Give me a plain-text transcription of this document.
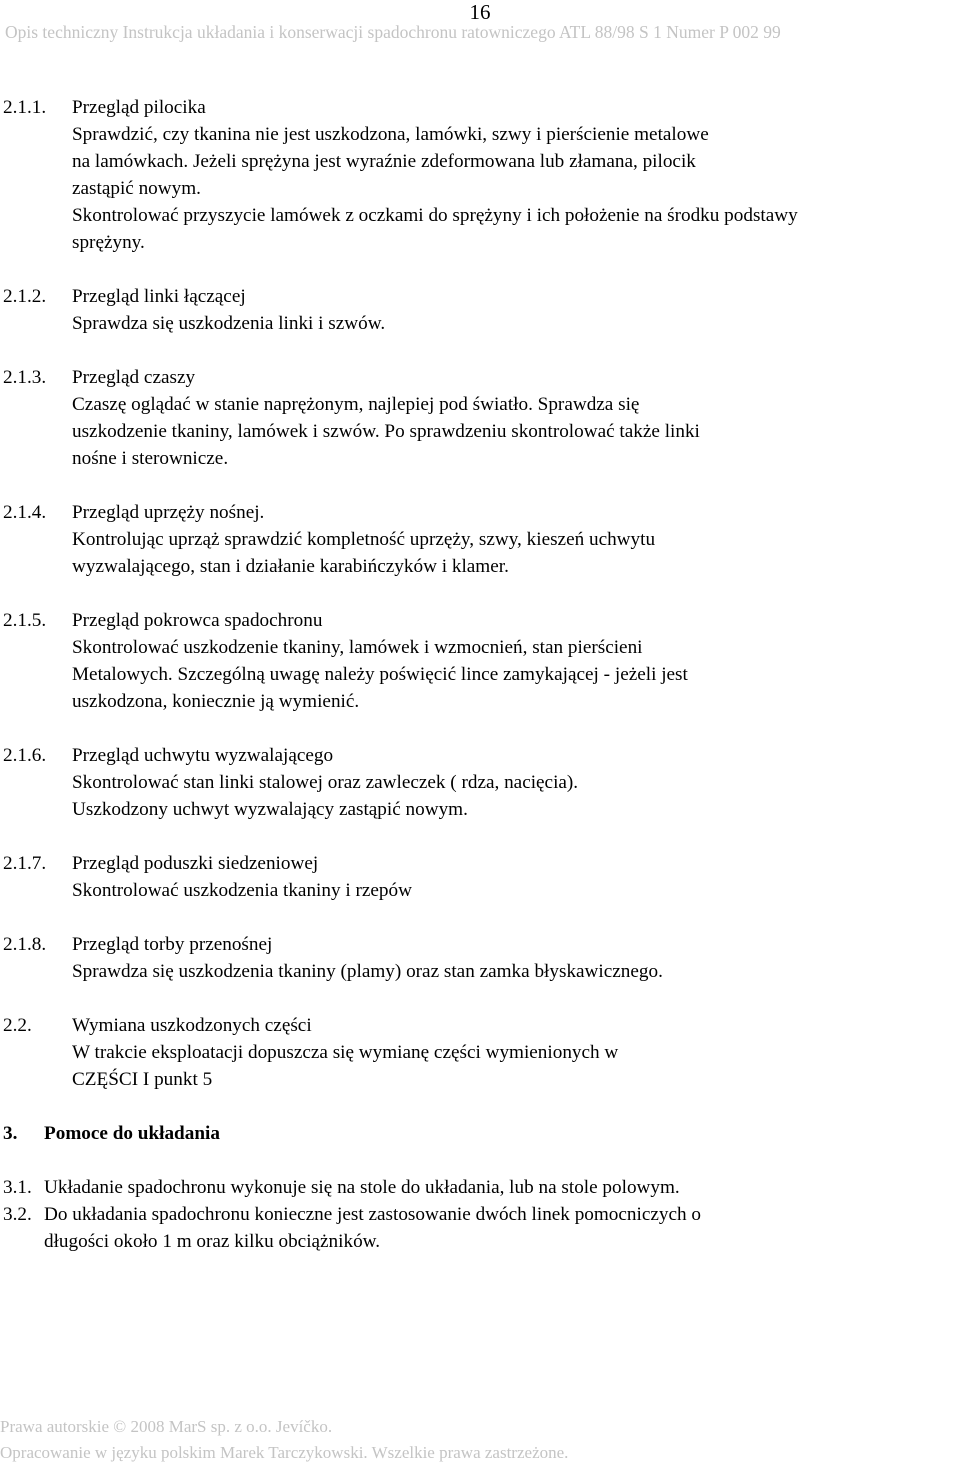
16
Opis techniczny Instrukcja układania i konserwacji spadochronu ratowniczego ATL 88/98 S 1 Numer P 002 99
2.1.1. Przegląd pilocika
Sprawdzić, czy tkanina nie jest uszkodzona, lamówki, szwy i pierścienie metalowe
na lamówkach. Jeżeli sprężyna jest wyraźnie zdeformowana lub złamana, pilocik
zastąpić nowym.
Skontrolować przyszycie lamówek z oczkami do sprężyny i ich położenie na środku podstawy
sprężyny.
2.1.2. Przegląd linki łączącej
Sprawdza się uszkodzenia linki i szwów.
2.1.3. Przegląd czaszy
Czaszę oglądać w stanie naprężonym, najlepiej pod światło. Sprawdza się
uszkodzenie tkaniny, lamówek i szwów. Po sprawdzeniu skontrolować także linki
nośne i sterownicze.
2.1.4. Przegląd uprzęży nośnej.
Kontrolując uprząż sprawdzić kompletność uprzęży, szwy, kieszeń uchwytu
wyzwalającego, stan i działanie karabińczyków i klamer.
2.1.5. Przegląd pokrowca spadochronu
Skontrolować uszkodzenie tkaniny, lamówek i wzmocnień, stan pierścieni
Metalowych. Szczególną uwagę należy poświęcić lince zamykającej - jeżeli jest
uszkodzona, koniecznie ją wymienić.
2.1.6. Przegląd uchwytu wyzwalającego
Skontrolować stan linki stalowej oraz zawleczek ( rdza, nacięcia).
Uszkodzony uchwyt wyzwalający zastąpić nowym.
2.1.7. Przegląd poduszki siedzeniowej
Skontrolować uszkodzenia tkaniny i rzepów
2.1.8. Przegląd torby przenośnej
Sprawdza się uszkodzenia tkaniny (plamy) oraz stan zamka błyskawicznego.
2.2. Wymiana uszkodzonych części
W trakcie eksploatacji dopuszcza się wymianę części wymienionych w
CZĘŚCI I punkt 5
3. Pomoce do układania
3.1. Układanie spadochronu wykonuje się na stole do układania, lub na stole polowym.
3.2. Do układania spadochronu konieczne jest zastosowanie dwóch linek pomocniczych o
długości około 1 m oraz kilku obciążników.
Prawa autorskie © 2008 MarS sp. z o.o. Jevíčko.
Opracowanie w języku polskim Marek Tarczykowski. Wszelkie prawa zastrzeżone.
